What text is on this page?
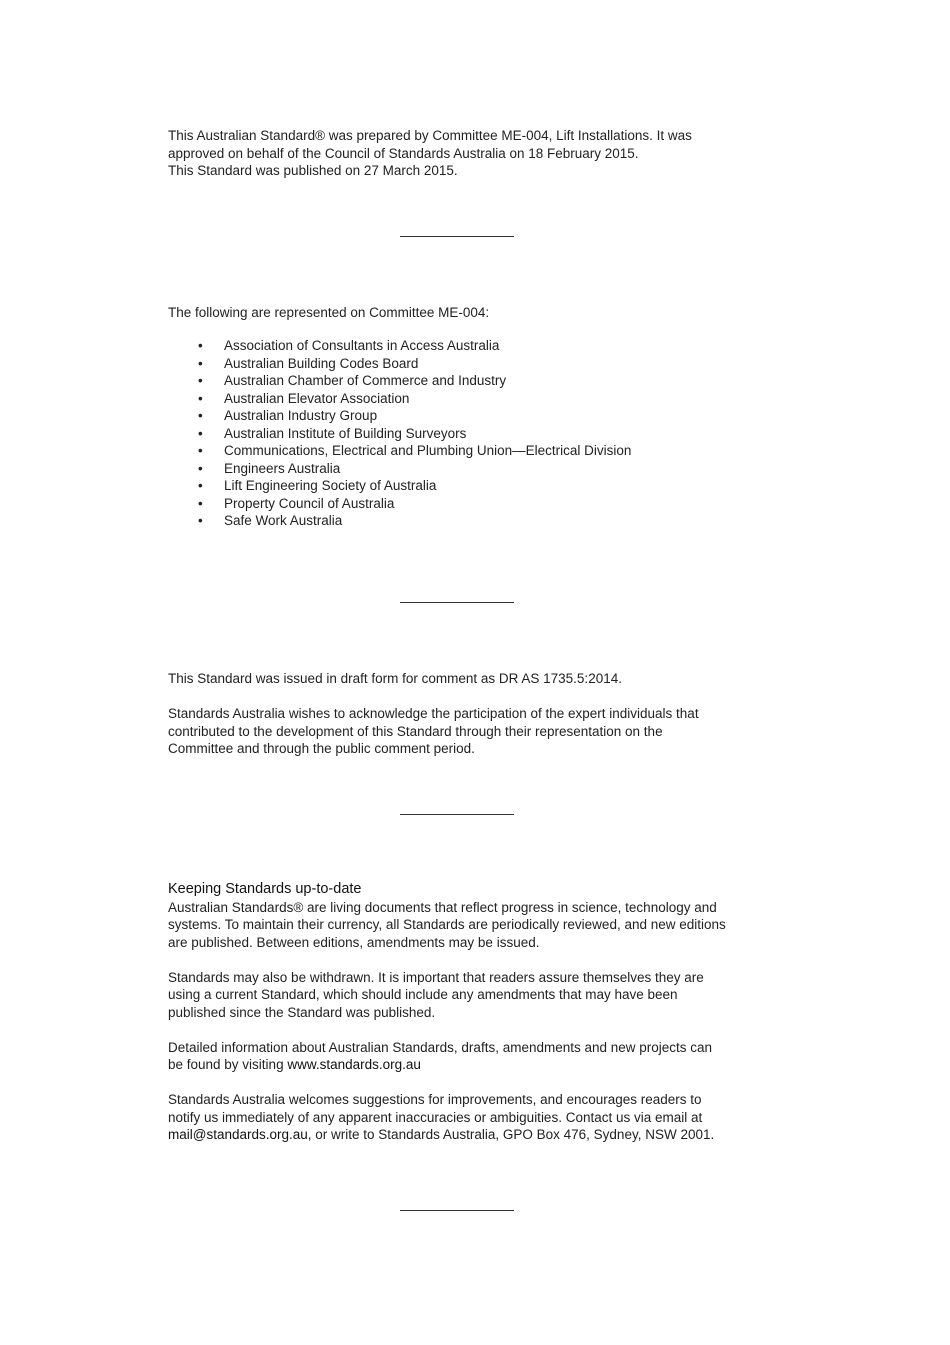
This Australian Standard® was prepared by Committee ME-004, Lift Installations. It was

approved on behalf of the Council of Standards Australia on 18 February 2015.

This Standard was published on 27 March 2015.

The following are represented on Committee ME-004:

• Association of Consultants in Access Australia
• Australian Building Codes Board
• Australian Chamber of Commerce and Industry
• Australian Elevator Association
• Australian Industry Group
• Australian Institute of Building Surveyors
• Communications, Electrical and Plumbing Union—Electrical Division
• Engineers Australia
• Lift Engineering Society of Australia
• Property Council of Australia
• Safe Work Australia

This Standard was issued in draft form for comment as DR AS 1735.5:2014.

Standards Australia wishes to acknowledge the participation of the expert individuals that

contributed to the development of this Standard through their representation on the

Committee and through the public comment period.

Keeping Standards up-to-date

Australian Standards® are living documents that reflect progress in science, technology and

systems. To maintain their currency, all Standards are periodically reviewed, and new editions

are published. Between editions, amendments may be issued.

Standards may also be withdrawn. It is important that readers assure themselves they are

using a current Standard, which should include any amendments that may have been

published since the Standard was published.

Detailed information about Australian Standards, drafts, amendments and new projects can

be found by visiting www.standards.org.au

Standards Australia welcomes suggestions for improvements, and encourages readers to

notify us immediately of any apparent inaccuracies or ambiguities. Contact us via email at

mail@standards.org.au, or write to Standards Australia, GPO Box 476, Sydney, NSW 2001.
